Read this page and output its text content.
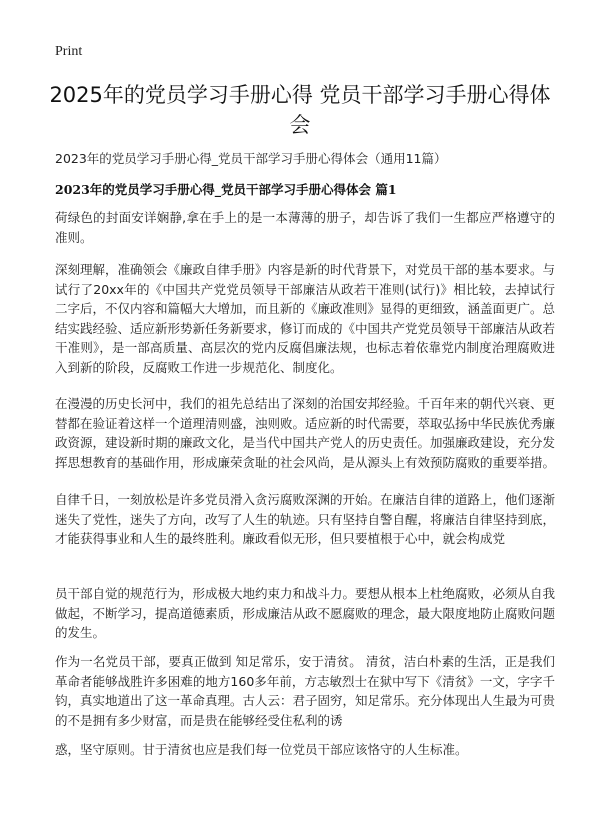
Print
2025年的党员学习手册心得 党员干部学习手册心得体会
2023年的党员学习手册心得_党员干部学习手册心得体会（通用11篇）
2023年的党员学习手册心得_党员干部学习手册心得体会 篇1

荷绿色的封面安详娴静,拿在手上的是一本薄薄的册子，却告诉了我们一生都应严格遵守的准则。

深刻理解，准确领会《廉政自律手册》内容是新的时代背景下，对党员干部的基本要求。与试行了20xx年的《中国共产党党员领导干部廉洁从政若干准则(试行)》相比较，去掉试行二字后，不仅内容和篇幅大大增加，而且新的《廉政准则》显得的更细致，涵盖面更广。总结实践经验、适应新形势新任务新要求，修订而成的《中国共产党党员领导干部廉洁从政若干准则》，是一部高质量、高层次的党内反腐倡廉法规，也标志着依靠党内制度治理腐败进入到新的阶段，反腐败工作进一步规范化、制度化。

在漫漫的历史长河中，我们的祖先总结出了深刻的治国安邦经验。千百年来的朝代兴衰、更替都在验证着这样一个道理清则盛，浊则败。适应新的时代需要，萃取弘扬中华民族优秀廉政资源，建设新时期的廉政文化，是当代中国共产党人的历史责任。加强廉政建设，充分发挥思想教育的基础作用，形成廉荣贪耻的社会风尚，是从源头上有效预防腐败的重要举措。

自律千日，一刻放松是许多党员滑入贪污腐败深渊的开始。在廉洁自律的道路上，他们逐渐迷失了党性，迷失了方向，改写了人生的轨迹。只有坚持自警自醒，将廉洁自律坚持到底，才能获得事业和人生的最终胜利。廉政看似无形，但只要植根于心中，就会构成党

员干部自觉的规范行为，形成极大地约束力和战斗力。要想从根本上杜绝腐败，必须从自我做起，不断学习，提高道德素质，形成廉洁从政不愿腐败的理念，最大限度地防止腐败问题的发生。

作为一名党员干部，要真正做到 知足常乐，安于清贫。 清贫，洁白朴素的生活，正是我们革命者能够战胜许多困难的地方160多年前，方志敏烈士在狱中写下《清贫》一文，字字千钧，真实地道出了这一革命真理。古人云：君子固穷，知足常乐。充分体现出人生最为可贵的不是拥有多少财富，而是贵在能够经受住私利的诱

惑，坚守原则。甘于清贫也应是我们每一位党员干部应该恪守的人生标准。
